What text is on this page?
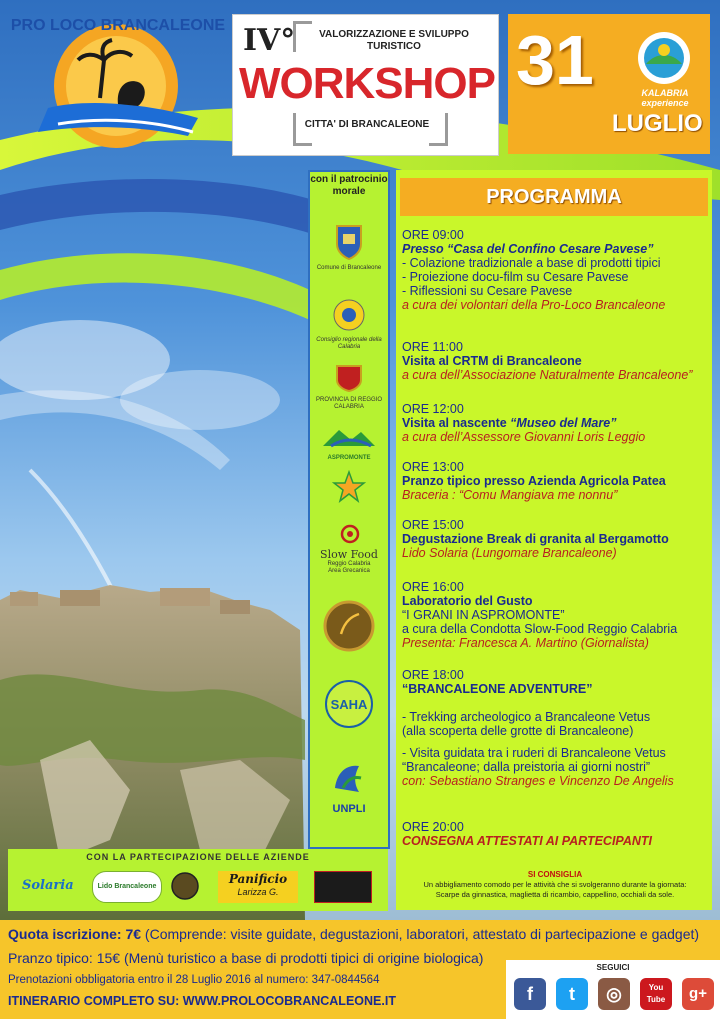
PRO LOCO BRANCALEONE IV°	VALORIZZAZIONE E SVILUPPO
TURISTICO
WORKSHOP
CITTA' DI BRANCALEONE
31	KALABRIA
experience
LUGLIO
con il patrocinio
morale
Comune di Brancaleone
Consiglio regionale della Calabria
PROVINCIA DI REGGIO CALABRIA
ASPROMONTE
Slow Food
Reggio Calabria
Area Grecanica
SAHA
UNPLI
PROGRAMMA
ORE 09:00
Presso “Casa del Confino Cesare Pavese”
- Colazione tradizionale a base di prodotti tipici
- Proiezione docu-film su Cesare Pavese
- Riflessioni su Cesare Pavese
a cura dei volontari della Pro-Loco Brancaleone
ORE 11:00
Visita al CRTM di Brancaleone
a cura dell’Associazione Naturalmente Brancaleone”
ORE 12:00
Visita al nascente “Museo del Mare”
a cura dell’Assessore Giovanni Loris Leggio
ORE 13:00
Pranzo tipico presso Azienda Agricola Patea
Braceria : “Comu Mangiava me nonnu”
ORE 15:00
Degustazione Break di granita al Bergamotto
Lido Solaria (Lungomare Brancaleone)
ORE 16:00
Laboratorio del Gusto
“I GRANI IN ASPROMONTE”
a cura della Condotta Slow-Food Reggio Calabria
Presenta: Francesca A. Martino (Giornalista)
ORE 18:00
“BRANCALEONE ADVENTURE”
- Trekking archeologico a Brancaleone Vetus
(alla scoperta delle grotte di Brancaleone)
- Visita guidata tra i ruderi di Brancaleone Vetus
“Brancaleone; dalla preistoria ai giorni nostri”
con: Sebastiano Stranges e Vincenzo De Angelis
ORE 20:00
CONSEGNA ATTESTATI AI PARTECIPANTI
SI CONSIGLIA
Un abbigliamento comodo per le attività che si svolgeranno durante la giornata:
Scarpe da ginnastica, maglietta di ricambio, cappellino, occhiali da sole.
CON LA PARTECIPAZIONE DELLE AZIENDE
Solaria	Lido Brancaleone
Panificio
Larizza G.
Quota iscrizione: 7€ (Comprende: visite guidate, degustazioni, laboratori, attestato di partecipazione e gadget)
Pranzo tipico: 15€ (Menù turistico a base di prodotti tipici di origine biologica)
Prenotazioni obbligatoria entro il 28 Luglio 2016 al numero: 347-0844564
ITINERARIO COMPLETO SU: WWW.PROLOCOBRANCALEONE.IT
SEGUICI
f	t	◎	You Tube	g+
